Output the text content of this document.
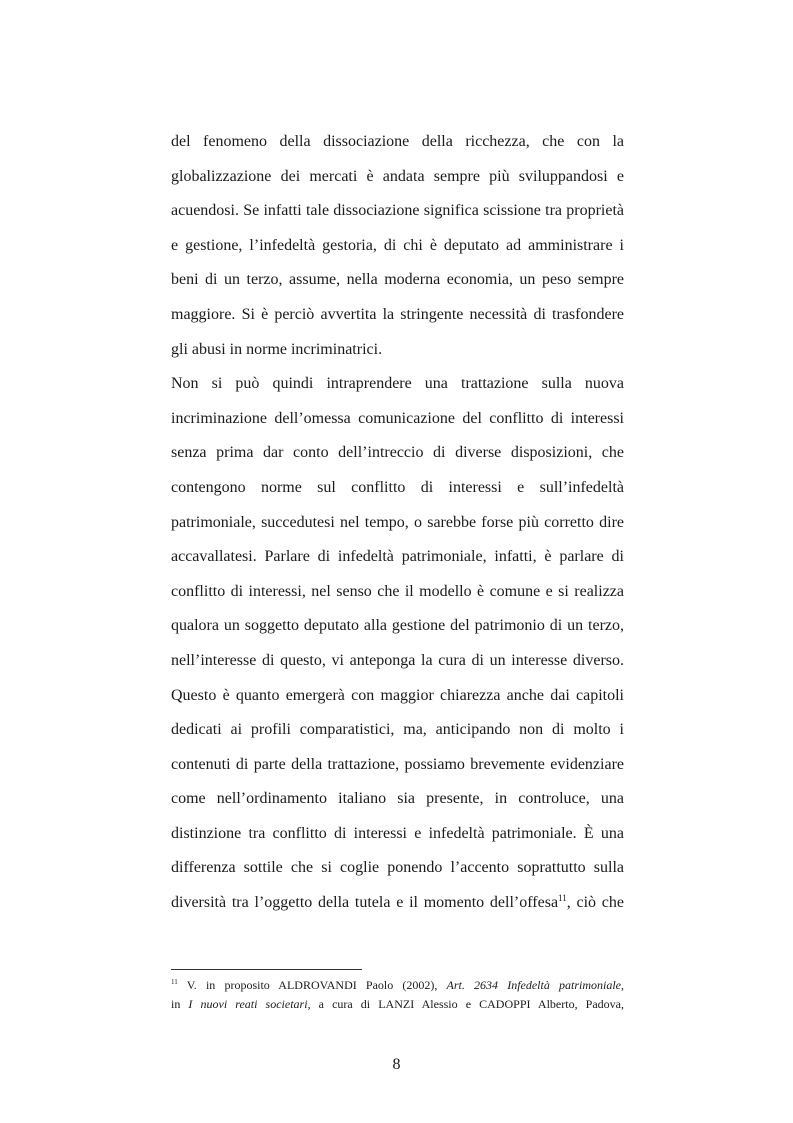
del fenomeno della dissociazione della ricchezza, che con la
globalizzazione dei mercati è andata sempre più sviluppandosi e
acuendosi. Se infatti tale dissociazione significa scissione tra proprietà
e gestione, l’infedeltà gestoria, di chi è deputato ad amministrare i
beni di un terzo, assume, nella moderna economia, un peso sempre
maggiore. Si è perciò avvertita la stringente necessità di trasfondere
gli abusi in norme incriminatrici.
Non si può quindi intraprendere una trattazione sulla nuova
incriminazione dell’omessa comunicazione del conflitto di interessi
senza prima dar conto dell’intreccio di diverse disposizioni, che
contengono norme sul conflitto di interessi e sull’infedeltà
patrimoniale, succedutesi nel tempo, o sarebbe forse più corretto dire
accavallatesi. Parlare di infedeltà patrimoniale, infatti, è parlare di
conflitto di interessi, nel senso che il modello è comune e si realizza
qualora un soggetto deputato alla gestione del patrimonio di un terzo,
nell’interesse di questo, vi anteponga la cura di un interesse diverso.
Questo è quanto emergerà con maggior chiarezza anche dai capitoli
dedicati ai profili comparatistici, ma, anticipando non di molto i
contenuti di parte della trattazione, possiamo brevemente evidenziare
come nell’ordinamento italiano sia presente, in controluce, una
distinzione tra conflitto di interessi e infedeltà patrimoniale. È una
differenza sottile che si coglie ponendo l’accento soprattutto sulla
diversità tra l’oggetto della tutela e il momento dell’offesa$^{11}$, ciò che
$^{11}$ V. in proposito ALDROVANDI Paolo (2002), Art. 2634 Infedeltà patrimoniale,
in I nuovi reati societari, a cura di LANZI Alessio e CADOPPI Alberto, Padova,
8
